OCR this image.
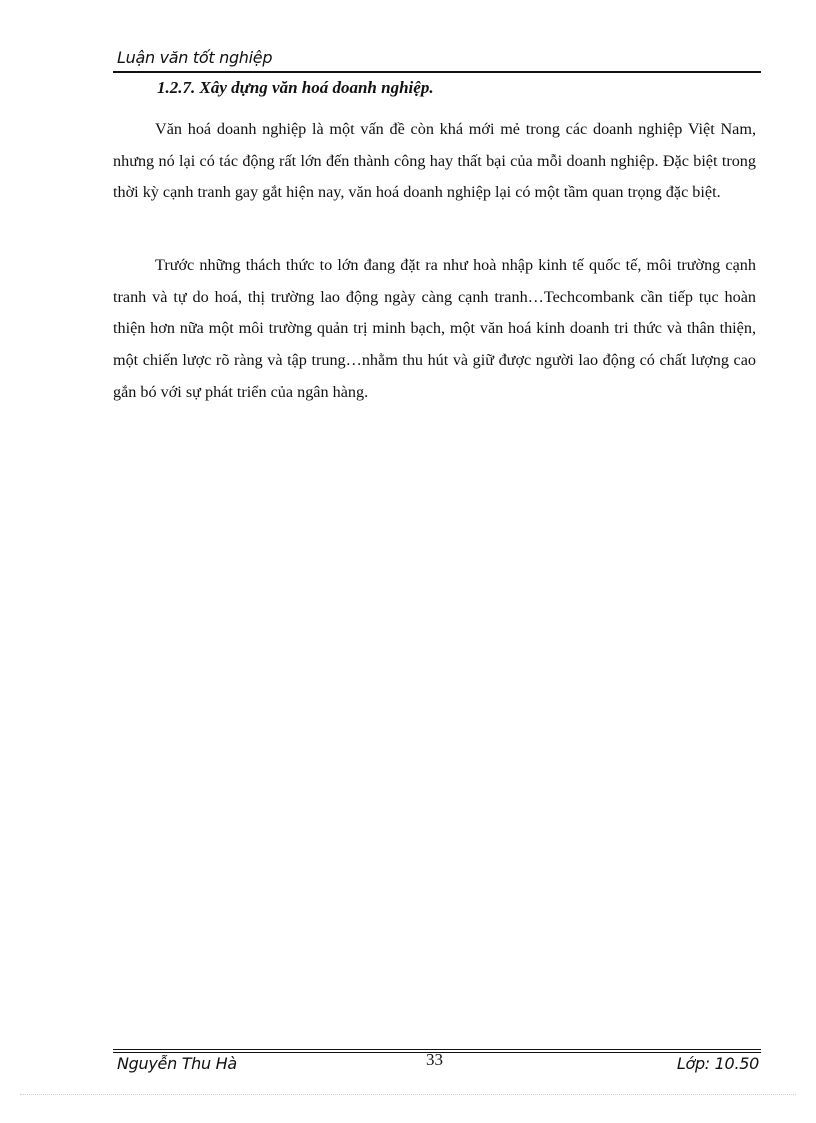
Luận văn tốt nghiệp
1.2.7. Xây dựng văn hoá doanh nghiệp.

Văn hoá doanh nghiệp là một vấn đề còn khá mới mẻ trong các doanh nghiệp Việt Nam, nhưng nó lại có tác động rất lớn đến thành công hay thất bại của mỗi doanh nghiệp. Đặc biệt trong thời kỳ cạnh tranh gay gắt hiện nay, văn hoá doanh nghiệp lại có một tầm quan trọng đặc biệt.

Trước những thách thức to lớn đang đặt ra như hoà nhập kinh tế quốc tế, môi trường cạnh tranh và tự do hoá, thị trường lao động ngày càng cạnh tranh…Techcombank cần tiếp tục hoàn thiện hơn nữa một môi trường quản trị minh bạch, một văn hoá kinh doanh tri thức và thân thiện, một chiến lược rõ ràng và tập trung…nhằm thu hút và giữ được người lao động có chất lượng cao gắn bó với sự phát triển của ngân hàng.

Nguyễn Thu Hà	33	Lớp: 10.50
